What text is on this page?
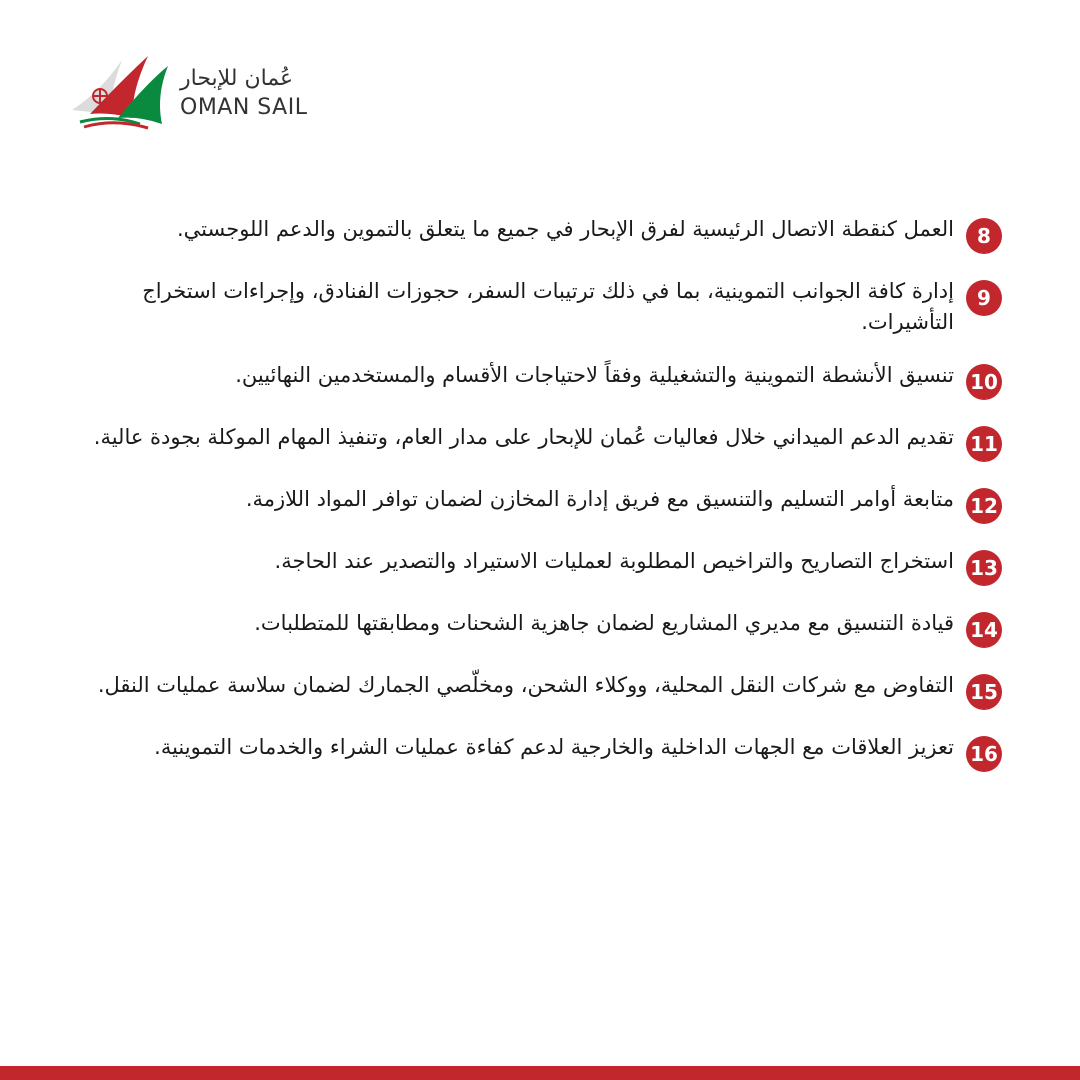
عُمان للإبحار
OMAN SAIL
8
العمل كنقطة الاتصال الرئيسية لفرق الإبحار في جميع ما يتعلق بالتموين والدعم اللوجستي.
9
إدارة كافة الجوانب التموينية، بما في ذلك ترتيبات السفر، حجوزات الفنادق، وإجراءات استخراج التأشيرات.
10
تنسيق الأنشطة التموينية والتشغيلية وفقاً لاحتياجات الأقسام والمستخدمين النهائيين.
11
تقديم الدعم الميداني خلال فعاليات عُمان للإبحار على مدار العام، وتنفيذ المهام الموكلة بجودة عالية.
12
متابعة أوامر التسليم والتنسيق مع فريق إدارة المخازن لضمان توافر المواد اللازمة.
13
استخراج التصاريح والتراخيص المطلوبة لعمليات الاستيراد والتصدير عند الحاجة.
14
قيادة التنسيق مع مديري المشاريع لضمان جاهزية الشحنات ومطابقتها للمتطلبات.
15
التفاوض مع شركات النقل المحلية، ووكلاء الشحن، ومخلّصي الجمارك لضمان سلاسة عمليات النقل.
16
تعزيز العلاقات مع الجهات الداخلية والخارجية لدعم كفاءة عمليات الشراء والخدمات التموينية.
